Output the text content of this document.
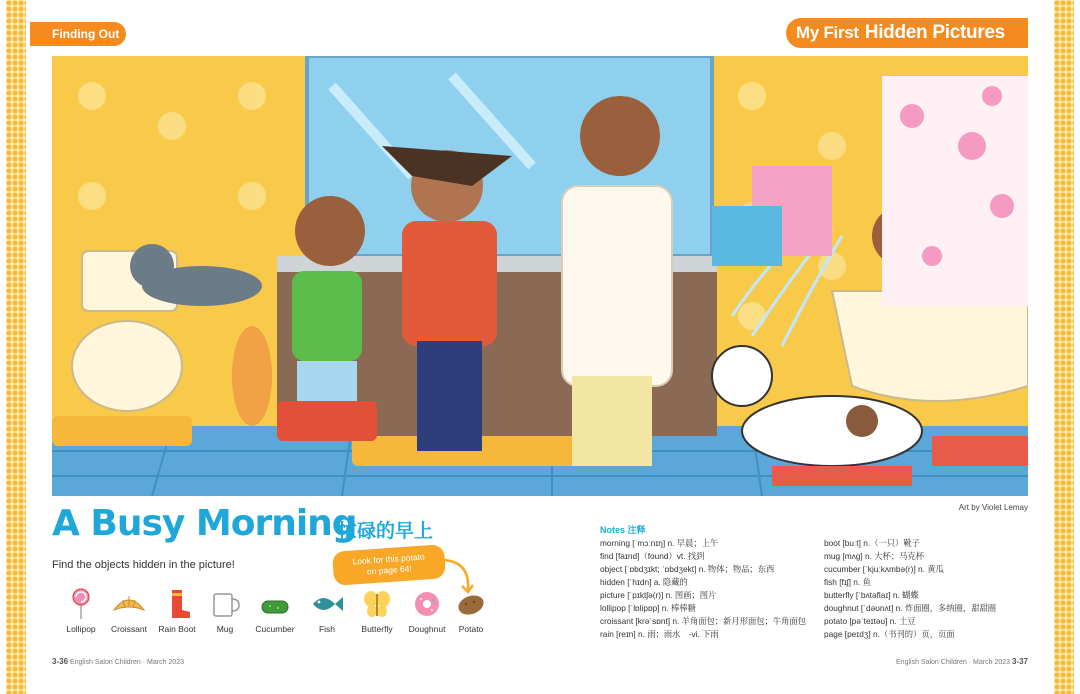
Finding Out	My First Hidden Pictures
Art by Violet Lemay
A Busy Morning
忙碌的早上
Find the objects hidden in the picture!	Look for this potato
on page 64!
Lollipop	Croissant	Rain Boot	Mug	Cucumber	Fish	Butterfly	Doughnut	Potato
Notes 注释
morning [ˈmɔːnɪŋ] n. 早晨；上午
find [faɪnd]（found）vt. 找到
object [ˈɒbdʒɪkt; ˈɒbdʒekt] n. 物体；物品；东西
hidden [ˈhɪdn] a. 隐藏的
picture [ˈpɪktʃə(r)] n. 图画；图片
lollipop [ˈlɒlipɒp] n. 棒棒糖
croissant [krəˈsɒnt] n. 羊角面包；新月形面包；牛角面包
rain [reɪn] n. 雨；雨水　-vi. 下雨
boot [buːt] n.（一只）靴子
mug [mʌɡ] n. 大杯；马克杯
cucumber [ˈkjuːkʌmbə(r)] n. 黄瓜
fish [fɪʃ] n. 鱼
butterfly [ˈbʌtəflaɪ] n. 蝴蝶
doughnut [ˈdəʊnʌt] n. 炸面圈，多纳圈，甜甜圈
potato [pəˈteɪtəʊ] n. 土豆
page [peɪdʒ] n.（书刊的）页，页面
3-36 English Salon Children · March 2023	English Salon Children · March 2023 3-37
